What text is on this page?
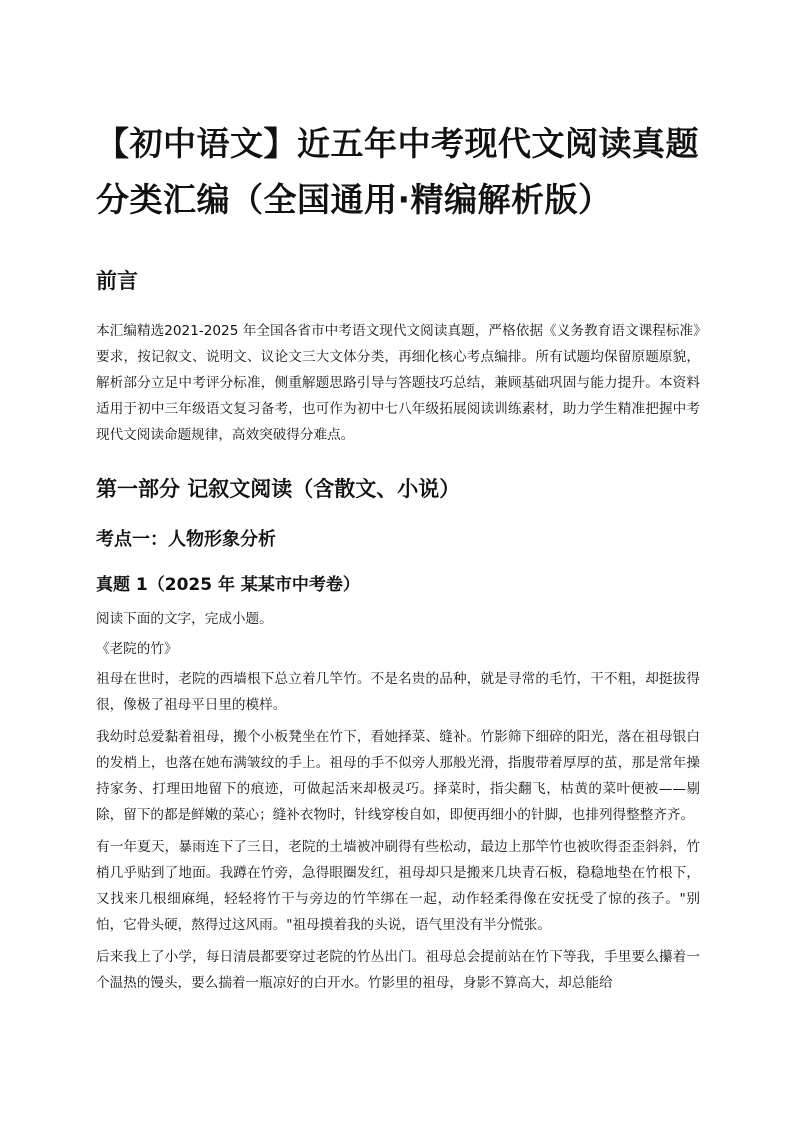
【初中语文】近五年中考现代文阅读真题分类汇编（全国通用·精编解析版）
前言

本汇编精选2021-2025 年全国各省市中考语文现代文阅读真题，严格依据《义务教育语文课程标准》要求，按记叙文、说明文、议论文三大文体分类，再细化核心考点编排。所有试题均保留原题原貌，解析部分立足中考评分标准，侧重解题思路引导与答题技巧总结，兼顾基础巩固与能力提升。本资料适用于初中三年级语文复习备考，也可作为初中七八年级拓展阅读训练素材，助力学生精准把握中考现代文阅读命题规律，高效突破得分难点。

第一部分 记叙文阅读（含散文、小说）
考点一：人物形象分析
真题 1（2025 年 某某市中考卷）

阅读下面的文字，完成小题。

《老院的竹》

祖母在世时，老院的西墙根下总立着几竿竹。不是名贵的品种，就是寻常的毛竹，干不粗，却挺拔得很，像极了祖母平日里的模样。

我幼时总爱黏着祖母，搬个小板凳坐在竹下，看她择菜、缝补。竹影筛下细碎的阳光，落在祖母银白的发梢上，也落在她布满皱纹的手上。祖母的手不似旁人那般光滑，指腹带着厚厚的茧，那是常年操持家务、打理田地留下的痕迹，可做起活来却极灵巧。择菜时，指尖翻飞，枯黄的菜叶便被——剔除，留下的都是鲜嫩的菜心；缝补衣物时，针线穿梭自如，即便再细小的针脚，也排列得整整齐齐。

有一年夏天，暴雨连下了三日，老院的土墙被冲刷得有些松动，最边上那竿竹也被吹得歪歪斜斜，竹梢几乎贴到了地面。我蹲在竹旁，急得眼圈发红，祖母却只是搬来几块青石板，稳稳地垫在竹根下，又找来几根细麻绳，轻轻将竹干与旁边的竹竿绑在一起，动作轻柔得像在安抚受了惊的孩子。"别怕，它骨头硬，熬得过这风雨。"祖母摸着我的头说，语气里没有半分慌张。

后来我上了小学，每日清晨都要穿过老院的竹丛出门。祖母总会提前站在竹下等我，手里要么攥着一个温热的馒头，要么揣着一瓶凉好的白开水。竹影里的祖母，身影不算高大，却总能给
